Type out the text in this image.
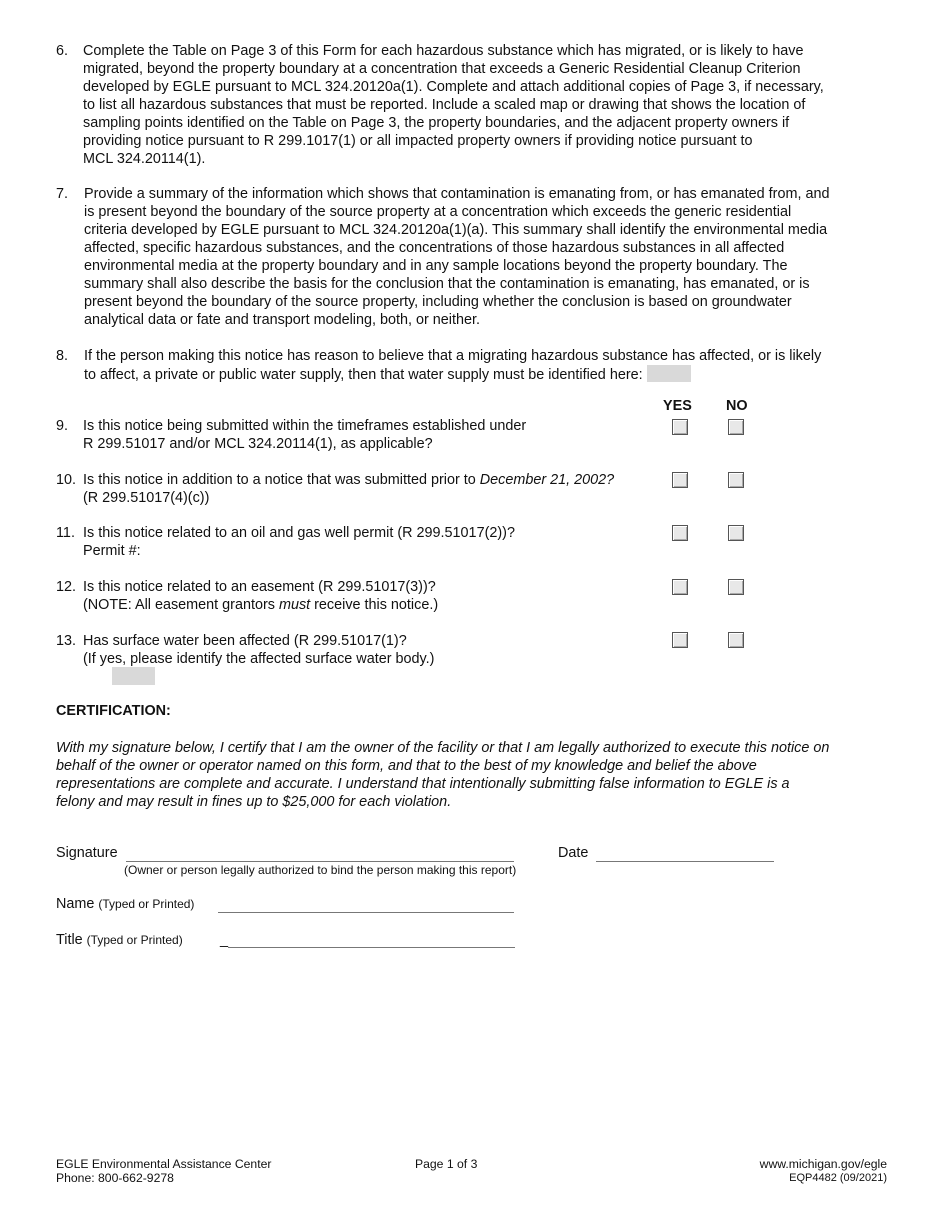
6. Complete the Table on Page 3 of this Form for each hazardous substance which has migrated, or is likely to have
migrated, beyond the property boundary at a concentration that exceeds a Generic Residential Cleanup Criterion
developed by EGLE pursuant to MCL 324.20120a(1). Complete and attach additional copies of Page 3, if necessary,
to list all hazardous substances that must be reported. Include a scaled map or drawing that shows the location of
sampling points identified on the Table on Page 3, the property boundaries, and the adjacent property owners if
providing notice pursuant to R 299.1017(1) or all impacted property owners if providing notice pursuant to
MCL 324.20114(1).
7. Provide a summary of the information which shows that contamination is emanating from, or has emanated from, and
is present beyond the boundary of the source property at a concentration which exceeds the generic residential
criteria developed by EGLE pursuant to MCL 324.20120a(1)(a). This summary shall identify the environmental media
affected, specific hazardous substances, and the concentrations of those hazardous substances in all affected
environmental media at the property boundary and in any sample locations beyond the property boundary. The
summary shall also describe the basis for the conclusion that the contamination is emanating, has emanated, or is
present beyond the boundary of the source property, including whether the conclusion is based on groundwater
analytical data or fate and transport modeling, both, or neither.
8. If the person making this notice has reason to believe that a migrating hazardous substance has affected, or is likely
to affect, a private or public water supply, then that water supply must be identified here:
YES NO
9. Is this notice being submitted within the timeframes established under
R 299.51017 and/or MCL 324.20114(1), as applicable?
10. Is this notice in addition to a notice that was submitted prior to December 21, 2002?
(R 299.51017(4)(c))
11. Is this notice related to an oil and gas well permit (R 299.51017(2))?
Permit #:
12. Is this notice related to an easement (R 299.51017(3))?
(NOTE: All easement grantors must receive this notice.)
13. Has surface water been affected (R 299.51017(1)?
(If yes, please identify the affected surface water body.)
CERTIFICATION:
With my signature below, I certify that I am the owner of the facility or that I am legally authorized to execute this notice on
behalf of the owner or operator named on this form, and that to the best of my knowledge and belief the above
representations are complete and accurate. I understand that intentionally submitting false information to EGLE is a
felony and may result in fines up to $25,000 for each violation.
Signature
(Owner or person legally authorized to bind the person making this report)
Date
Name (Typed or Printed)
Title (Typed or Printed)	_
EGLE Environmental Assistance Center
Phone: 800-662-9278
Page 1 of 3	www.michigan.gov/egle
EQP4482 (09/2021)
